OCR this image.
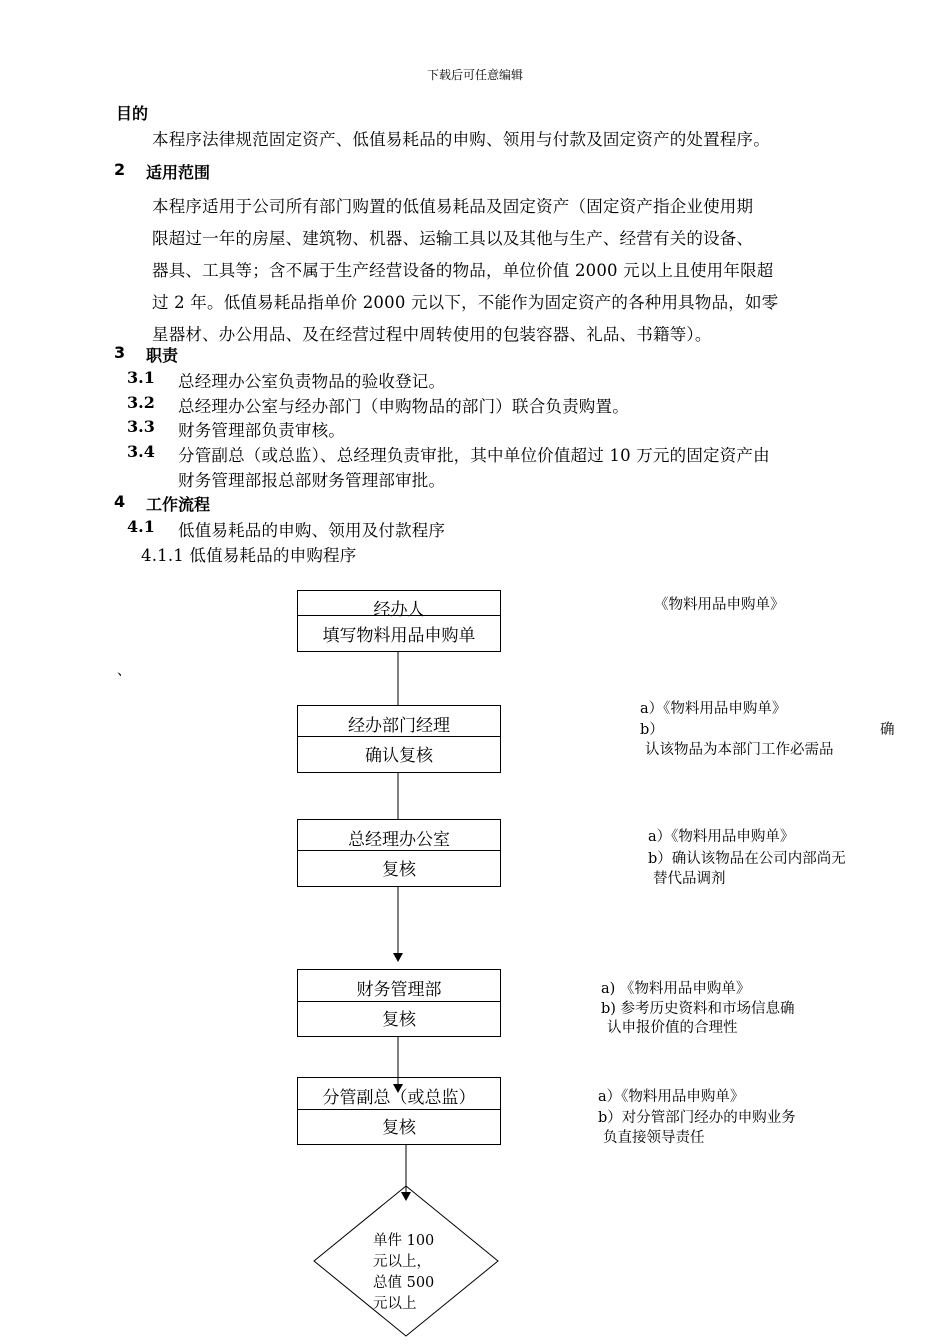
下载后可任意编辑
目的
本程序法律规范固定资产、低值易耗品的申购、领用与付款及固定资产的处置程序。
2 适用范围
本程序适用于公司所有部门购置的低值易耗品及固定资产（固定资产指企业使用期
限超过一年的房屋、建筑物、机器、运输工具以及其他与生产、经营有关的设备、
器具、工具等；含不属于生产经营设备的物品，单位价值 2000 元以上且使用年限超
过 2 年。低值易耗品指单价 2000 元以下，不能作为固定资产的各种用具物品，如零
星器材、办公用品、及在经营过程中周转使用的包装容器、礼品、书籍等）。
3 职责
3.1 总经理办公室负责物品的验收登记。
3.2 总经理办公室与经办部门（申购物品的部门）联合负责购置。
3.3 财务管理部负责审核。
3.4 分管副总（或总监）、总经理负责审批，其中单位价值超过 10 万元的固定资产由
财务管理部报总部财务管理部审批。
4 工作流程
4.1 低值易耗品的申购、领用及付款程序
4.1.1 低值易耗品的申购程序
、
经办人
填写物料用品申购单
经办部门经理
确认复核
总经理办公室
复核
财务管理部
复核
分管副总（或总监）
复核
单件 100
元以上，
总值 500
元以上
《物料用品申购单》
a）《物料用品申购单》
b）	确
认该物品为本部门工作必需品
a）《物料用品申购单》
b）确认该物品在公司内部尚无
替代品调剂
a) 《物料用品申购单》
b) 参考历史资料和市场信息确
认申报价值的合理性
a）《物料用品申购单》
b）对分管部门经办的申购业务
负直接领导责任
